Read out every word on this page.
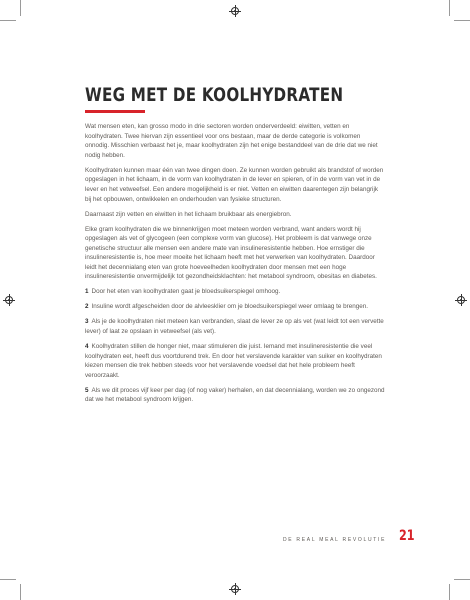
WEG MET DE KOOLHYDRATEN

Wat mensen eten, kan grosso modo in drie sectoren worden onderverdeeld: eiwitten, vetten en koolhydraten. Twee hiervan zijn essentieel voor ons bestaan, maar de derde categorie is volkomen onnodig. Misschien verbaast het je, maar koolhydraten zijn het enige bestanddeel van de drie dat we niet nodig hebben.

Koolhydraten kunnen maar één van twee dingen doen. Ze kunnen worden gebruikt als brandstof of worden opgeslagen in het lichaam, in de vorm van koolhydraten in de lever en spieren, of in de vorm van vet in de lever en het vetweefsel. Een andere mogelijkheid is er niet. Vetten en eiwitten daarentegen zijn belangrijk bij het opbouwen, ontwikkelen en onderhouden van fysieke structuren.

Daarnaast zijn vetten en eiwitten in het lichaam bruikbaar als energiebron.

Elke gram koolhydraten die we binnenkrijgen moet meteen worden verbrand, want anders wordt hij opgeslagen als vet of glycogeen (een complexe vorm van glucose). Het probleem is dat vanwege onze genetische structuur alle mensen een andere mate van insulineresistentie hebben. Hoe ernstiger die insulineresistentie is, hoe meer moeite het lichaam heeft met het verwerken van koolhydraten. Daardoor leidt het decennialang eten van grote hoeveelheden koolhydraten door mensen met een hoge insulineresistentie onvermijdelijk tot gezondheidsklachten: het metabool syndroom, obesitas en diabetes.

1 Door het eten van koolhydraten gaat je bloedsuikerspiegel omhoog.

2 Insuline wordt afgescheiden door de alvleesklier om je bloedsuikerspiegel weer omlaag te brengen.

3 Als je de koolhydraten niet meteen kan verbranden, slaat de lever ze op als vet (wat leidt tot een vervette lever) of laat ze opslaan in vetweefsel (als vet).

4 Koolhydraten stillen de honger niet, maar stimuleren die juist. Iemand met insulineresistentie die veel koolhydraten eet, heeft dus voortdurend trek. En door het verslavende karakter van suiker en koolhydraten kiezen mensen die trek hebben steeds voor het verslavende voedsel dat het hele probleem heeft veroorzaakt.

5 Als we dit proces vijf keer per dag (of nog vaker) herhalen, en dat decennialang, worden we zo ongezond dat we het metabool syndroom krijgen.

DE REAL MEAL REVOLUTIE 21
